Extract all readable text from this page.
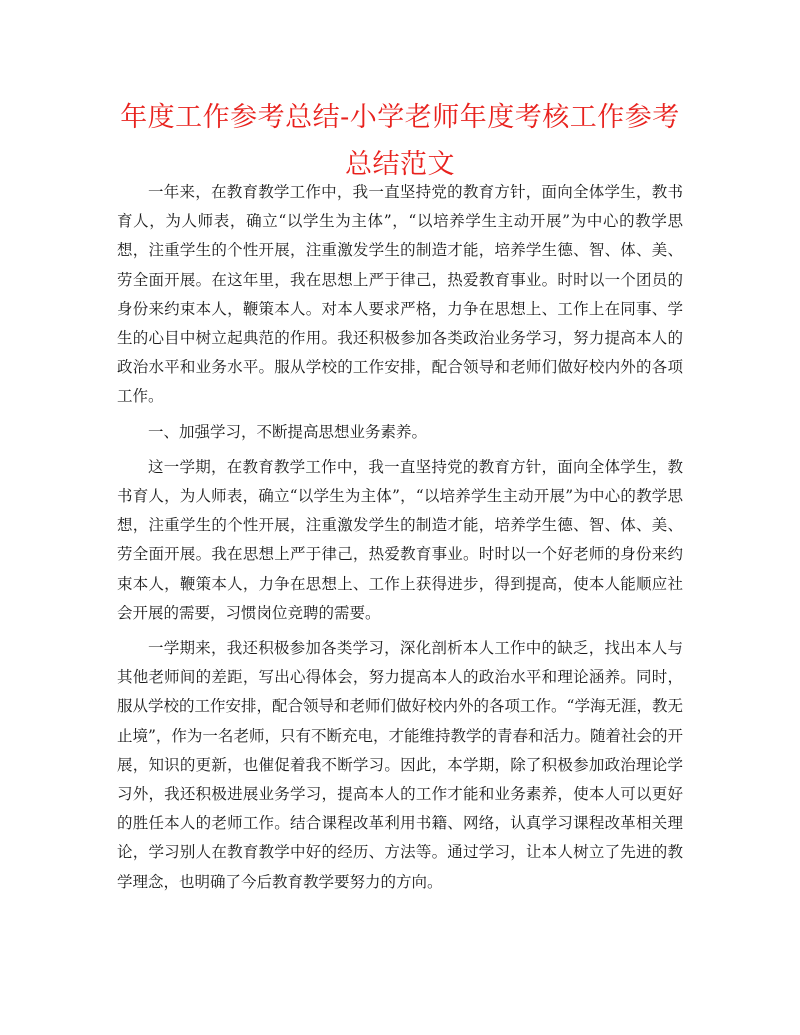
年度工作参考总结-小学老师年度考核工作参考总结范文

一年来，在教育教学工作中，我一直坚持党的教育方针，面向全体学生，教书育人，为人师表，确立“以学生为主体”，“以培养学生主动开展”为中心的教学思想，注重学生的个性开展，注重激发学生的制造才能，培养学生德、智、体、美、劳全面开展。在这年里，我在思想上严于律己，热爱教育事业。时时以一个团员的身份来约束本人，鞭策本人。对本人要求严格，力争在思想上、工作上在同事、学生的心目中树立起典范的作用。我还积极参加各类政治业务学习，努力提高本人的政治水平和业务水平。服从学校的工作安排，配合领导和老师们做好校内外的各项工作。

一、加强学习，不断提高思想业务素养。

这一学期，在教育教学工作中，我一直坚持党的教育方针，面向全体学生，教书育人，为人师表，确立“以学生为主体”，“以培养学生主动开展”为中心的教学思想，注重学生的个性开展，注重激发学生的制造才能，培养学生德、智、体、美、劳全面开展。我在思想上严于律己，热爱教育事业。时时以一个好老师的身份来约束本人，鞭策本人，力争在思想上、工作上获得进步，得到提高，使本人能顺应社会开展的需要，习惯岗位竞聘的需要。

一学期来，我还积极参加各类学习，深化剖析本人工作中的缺乏，找出本人与其他老师间的差距，写出心得体会，努力提高本人的政治水平和理论涵养。同时，服从学校的工作安排，配合领导和老师们做好校内外的各项工作。“学海无涯，教无止境”，作为一名老师，只有不断充电，才能维持教学的青春和活力。随着社会的开展，知识的更新，也催促着我不断学习。因此，本学期，除了积极参加政治理论学习外，我还积极进展业务学习，提高本人的工作才能和业务素养，使本人可以更好的胜任本人的老师工作。结合课程改革利用书籍、网络，认真学习课程改革相关理论，学习别人在教育教学中好的经历、方法等。通过学习，让本人树立了先进的教学理念，也明确了今后教育教学要努力的方向。
